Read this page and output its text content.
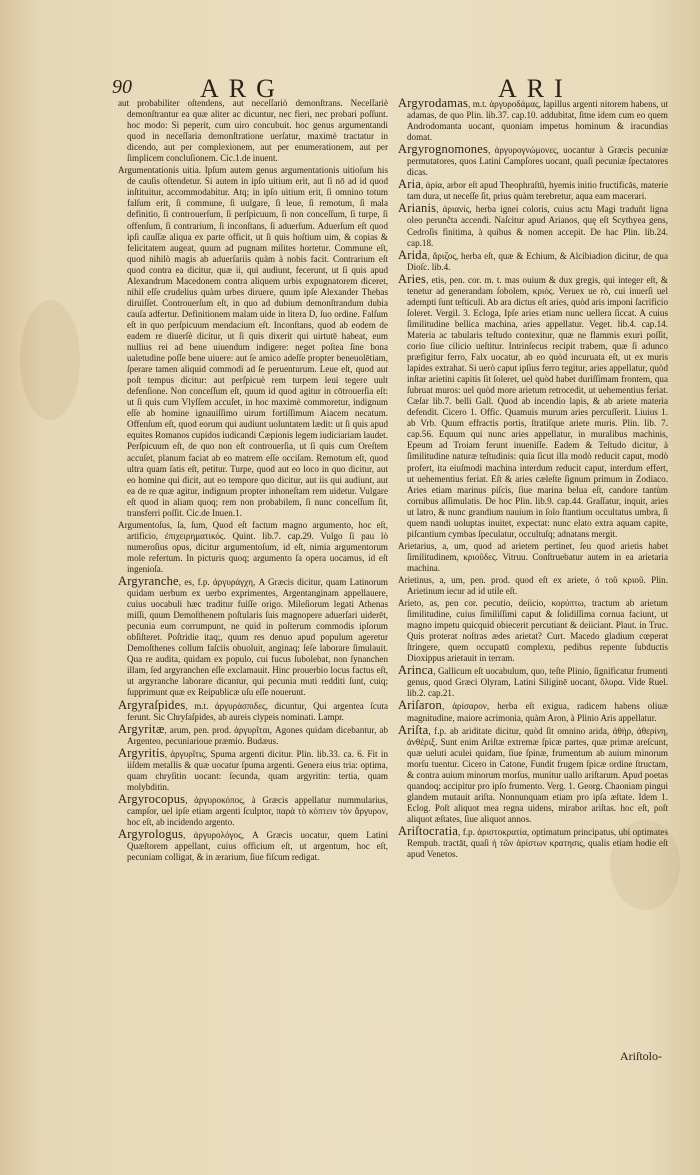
90	ARG	ARI

aut probabiliter oſtendens, aut neceſſariò demonſtrans. Neceſſariè demonſtrantur ea quæ aliter ac dicuntur, nec fieri, nec probari poſſunt. hoc modo: Si peperit, cum uiro concubuit. hoc genus argumentandi quod in neceſſaria demonſtratione uerſatur, maximè tractatur in dicendo, aut per complexionem, aut per enumerationem, aut per ſimplicem concluſionem. Cic.1.de inuent.

Argumentationis uitia. Ipſum autem genus argumentationis uitioſum his de cauſis oſtendetur. Si autem in ipſo uitium erit, aut ſi nō ad id quod inſtituitur, accommodabitur. Atq; in ipſo uitium erit, ſi omnino totum falſum erit, ſi commune, ſi uulgare, ſi leue, ſi remotum, ſi mala definitio, ſi controuerſum, ſi perſpicuum, ſi non conceſſum, ſi turpe, ſi offenſum, ſi contrarium, ſi inconſtans, ſi aduerſum. Aduerſum eſt quod ipſi cauſſæ aliqua ex parte officit, ut ſi quis hoſtium uim, & copias & felicitatem augeat, quum ad pugnam milites hortetur. Commune eſt, quod nihilò magis ab aduerſariis quàm à nobis facit. Contrarium eſt quod contra ea dicitur, quæ ii, qui audiunt, fecerunt, ut ſi quis apud Alexandrum Macedonem contra aliquem urbis expugnatorem diceret, nihil eſſe crudelius quàm urbes diruere, quum ipſe Alexander Thebas diruiſſet. Controuerſum eſt, in quo ad dubium demonſtrandum dubia cauſa adfertur. Definitionem malam uide in litera D, ſuo ordine. Falſum eſt in quo perſpicuum mendacium eſt. Inconſtans, quod ab eodem de eadem re diuerſè dicitur, ut ſi quis dixerit qui uirtutē habeat, eum nullius rei ad bene uiuendum indigere: neget poſtea ſine bona ualetudine poſſe bene uiuere: aut ſe amico adeſſe propter beneuolētiam, ſperare tamen aliquid commodi ad ſe peruenturum. Leue eſt, quod aut poſt tempus dicitur: aut perſpicuè rem turpem leui tegere uult defenſione. Non conceſſum eſt, quum id quod agitur in cōtrouerſia eſt: ut ſi quis cum Vlyſſem accuſet, in hoc maximè commoretur, indignum eſſe ab homine ignauiſſimo uirum fortiſſimum Aiacem necatum. Offenſum eſt, quod eorum qui audiunt uoluntatem lædit: ut ſi quis apud equites Romanos cupidos iudicandi Cæpionis legem iudiciariam laudet. Perſpicuum eſt, de quo non eſt controuerſia, ut ſi quis cum Oreſtem accuſet, planum faciat ab eo matrem eſſe occiſam. Remotum eſt, quod ultra quam ſatis eſt, petitur. Turpe, quod aut eo loco in quo dicitur, aut eo homine qui dicit, aut eo tempore quo dicitur, aut iis qui audiunt, aut ea de re quæ agitur, indignum propter inhoneſtam rem uidetur. Vulgare eſt quod in aliam quoq; rem non probabilem, ſi nunc conceſſum ſit, transferri poſſit. Cic.de Inuen.1.

Argumentoſus, ſa, ſum, Quod eſt factum magno argumento, hoc eſt, artificio, ἐπιχειρηματικός. Quint. lib.7. cap.29. Vulgo ſi pau lò numeroſius opus, dicitur argumentoſum, id eſt, nimia argumentorum mole refertum. In picturis quoq; argumento ſa opera uocamus, id eſt ingenioſa.

Argyranche, es, f.p. ἀργυράγχη, A Græcis dicitur, quam Latinorum quidam uerbum ex uerbo exprimentes, Argentanginam appellauere, cuius uocabuli hæc traditur fuiſſe origo. Mileſiorum legati Athenas miſſi, quum Demoſthenem poſtularis ſuis magnopere aduerſari uiderēt, pecunia eum corrumpunt, ne quid in poſterum commodis ipſorum obſiſteret. Poſtridie itaq;, quum res denuo apud populum ageretur Demoſthenes collum faſciis obuoluit, anginaq; ſeſe laborare ſimulauit. Qua re audita, quidam ex populo, cui fucus ſubolebat, non ſynanchen illam, ſed argyranchen eſſe exclamauit. Hinc prouerbio locus factus eſt, ut argyranche laborare dicantur, qui pecunia muti redditi ſunt, cuiq; ſupprimunt quæ ex Reipublicæ uſu eſſe nouerunt.

Argyraſpides, m.t. ἀργυράσπιδες, dicuntur, Qui argentea ſcuta ferunt. Sic Chryſaſpides, ab aureis clypeis nominati. Lampr.

Argyritæ, arum, pen. prod. ἀργυρῖται, Agones quidam dicebantur, ab Argenteo, pecuniarioue præmio. Budæus.

Argyritis, ἀργυρῖτις, Spuma argenti dicitur. Plin. lib.33. ca. 6. Fit in iiſdem metallis & quæ uocatur ſpuma argenti. Genera eius tria: optima, quam chryſitin uocant: ſecunda, quam argyritin: tertia, quam molybditin.

Argyrocopus, ἀργυροκόπος, à Græcis appellatur nummularius, campſor, uel ipſe etiam argenti ſculptor, παρὰ τὸ κόπτειν τὸν ἄργυρον, hoc eſt, ab incidendo argento.

Argyrologus, ἀργυρολόγος, A Græcis uocatur, quem Latini Quæſtorem appellant, cuius officium eſt, ut argentum, hoc eſt, pecuniam colligat, & in ærarium, ſiue fiſcum redigat.

Argyrodamas, m.t. ἀργυροδάμας, lapillus argenti nitorem habens, ut adamas, de quo Plin. lib.37. cap.10. addubitat, ſitne idem cum eo quem Androdomanta uocant, quoniam impetus hominum & iracundias domat.

Argyrognomones, ἀργυρογνώμονες, uocantur à Græcis pecuniæ permutatores, quos Latini Campſores uocant, quaſi pecuniæ ſpectatores dicas.

Aria, ἀρία, arbor eſt apud Theophraſtū, hyemis initio fructificās, materie tam dura, ut neceſſe ſit, prius quàm terebretur, aqua eam macerari.

Arianis, ἀριανίς, herba ignei coloris, cuius actu Magi traduñt ligna oleo perunĉta accendi. Naſcitur apud Arianos, quę eſt Scythyea gens, Cedroſis finitima, à quibus & nomen accepit. De hac Plin. lib.24. cap.18.

Arida, ἄριζος, herba eſt, quæ & Echium, & Alcibiadion dicitur, de qua Dioſc. lib.4.

Aries, etis, pen. cor. m. t. mas ouium & dux gregis, qui integer eſt, & tenetur ad generandam ſobolem, κριός. Veruex ue rò, cui inuerſi uel adempti ſunt teſticuli. Ab ara dictus eſt aries, quòd aris imponi ſacrificio ſoleret. Vergil. 3. Ecloga, Ipſe aries etiam nunc uellera ſiccat. A cuius ſimilitudine bellica machina, aries appellatur. Veget. lib.4. cap.14. Materia ac tabularis teſtudo contexitur, quæ ne flammis exuri poſſit, corio ſiue cilicio ueſtitur. Intrinſecus recipit trabem, quæ ſi adunco præfigitur ferro, Falx uocatur, ab eo quòd incuruata eſt, ut ex muris lapides extrahat. Si uerò caput ipſius ferro tegitur, aries appellatur, quòd inſtar arietini capitis ſit ſoleret, uel quòd habet duriſſimam frontem, qua ſubruat muros: uel quòd more arietum retrocedit, ut uehementius feriat. Cæſar lib.7. belli Gall. Quod ab incendio lapis, & ab ariete materia defendit. Cicero 1. Offic. Quamuis murum aries percuſſerit. Liuius 1. ab Vrb. Quum effractis portis, ſtratiſque ariete muris. Plin. lib. 7. cap.56. Equum qui nunc aries appellatur, in muralibus machinis, Epeum ad Troiam ferunt inueniſſe. Eadem & Teſtudo dicitur, à ſimilitudine naturæ teſtudinis: quia ſicut illa modò reducit caput, modò profert, ita eiuſmodi machina interdum reducit caput, interdum effert, ut uehementius feriat. Eſt & aries cæleſte ſignum primum in Zodiaco. Aries etiam marinus piſcis, ſiue marina belua eſt, candore tantùm cornibus aſſimulatis. De hoc Plin. lib.9. cap.44. Graſſatur, inquit, aries ut latro, & nunc grandium nauium in ſolo ſtantium occultatus umbra, ſi quem nandi uoluptas inuitet, expectat: nunc elato extra aquam capite, piſcantium cymbas ſpeculatur, occultuſq; adnatans mergit.

Arietarius, a, um, quod ad arietem pertinet, ſeu quod arietis habet ſimilitudinem, κριοῦδες. Vitruu. Conſtruebatur autem in ea arietaria machina.

Arietinus, a, um, pen. prod. quod eſt ex ariete, ὁ τοῦ κριοῦ. Plin. Arietinum iecur ad id utile eſt.

Arieto, as, pen cor. pecutio, deiicio, κορύπτω, tractum ab arietum ſimilitudine, cuius ſimiliſſimi caput & ſolidiſſima cornua faciunt, ut magno impetu quicquid obiecerit percutiant & deiiciant. Plaut. in Truc. Quis proterat noſtras ædes arietat? Curt. Macedo gladium cœperat ſtringere, quem occupatū complexu, pedibus repente ſubductis Dioxippus arietauit in terram.

Arinca, Gallicum eſt uocabulum, quo, teſte Plinio, ſignificatur frumenti genus, quod Græci Olyram, Latini Siliginē uocant, ὄλυρα. Vide Ruel. lib.2. cap.21.

Ariſaron, ἀρίσαρον, herba eſt exigua, radicem habens oliuæ magnitudine, maiore acrimonia, quàm Aron, à Plinio Aris appellatur.

Ariſta, f.p. ab ariditate dicitur, quòd ſit omnino arida, ἀθὴρ, ἀθερίνη, ἀνθέριξ. Sunt enim Ariſtæ extremæ ſpicæ partes, quæ primæ areſcunt, quæ ueluti aculei quidam, ſiue ſpinæ, frumentum ab auium minorum morſu tuentur. Cicero in Catone, Fundit frugem ſpicæ ordine ſtructam, & contra auium minorum morſus, munitur uallo ariſtarum. Apud poetas quandoq; accipitur pro ipſo frumento. Verg. 1. Georg. Chaoniam pingui glandem mutauit ariſta. Nonnunquam etiam pro ipſa æſtate. Idem 1. Eclog. Poſt aliquot mea regna uidens, mirabor ariſtas. hoc eſt, poſt aliquot æſtates, ſiue aliquot annos.

Ariſtocratia, f.p. ἀριστοκρατία, optimatum principatus, ubi optimates Rempub. tractāt, quaſi ἡ τῶν ἀρίστων κρατησις, qualis etiam hodie eſt apud Venetos.

Ariſtolo-
